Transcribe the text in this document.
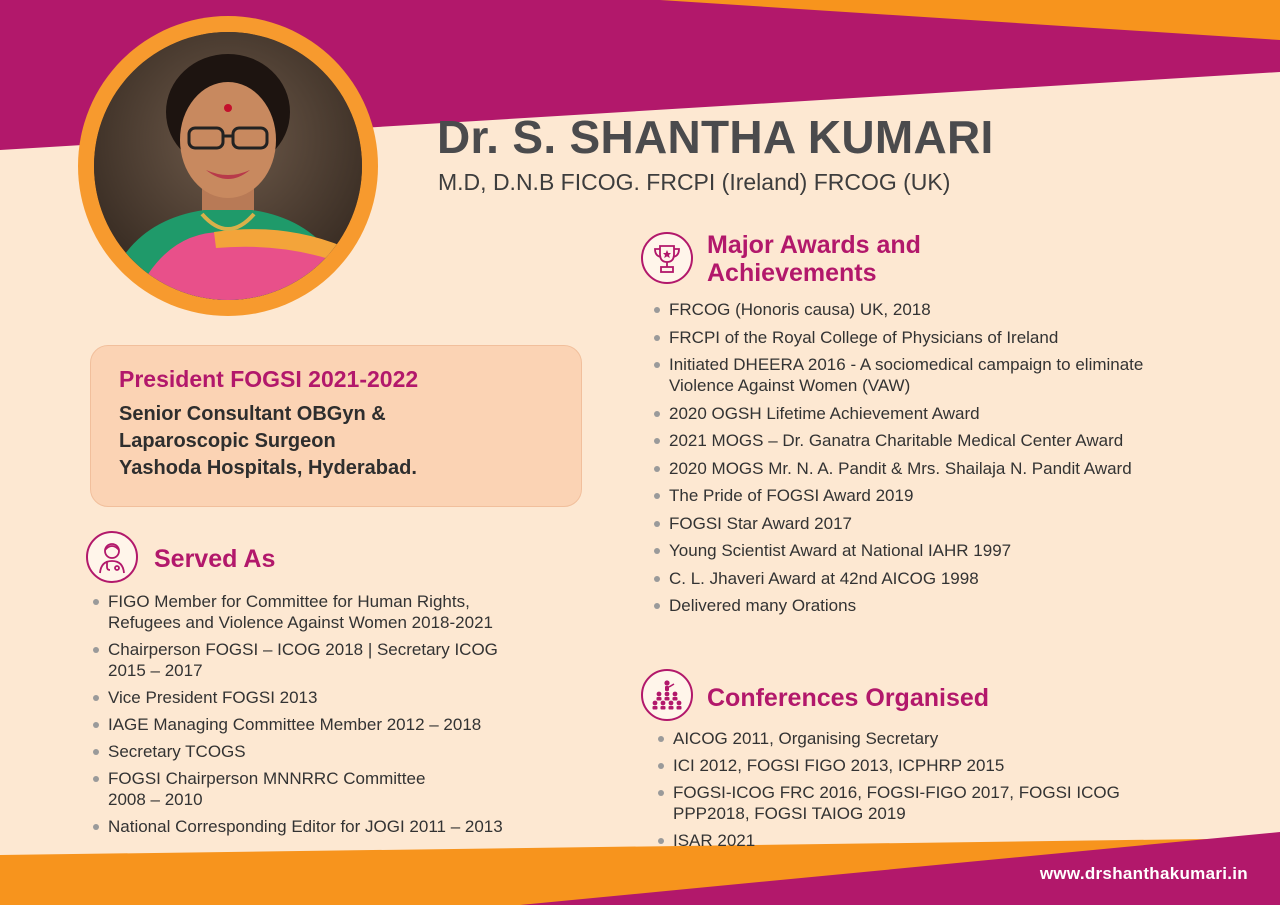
Dr. S. SHANTHA KUMARI

M.D, D.N.B FICOG. FRCPI (Ireland) FRCOG (UK)

President FOGSI 2021-2022

Senior Consultant OBGyn &

Laparoscopic Surgeon

Yashoda Hospitals, Hyderabad.

Served As
FIGO Member for Committee for Human Rights,
Refugees and Violence Against Women 2018-2021
Chairperson FOGSI – ICOG 2018 | Secretary ICOG
2015 – 2017
Vice President FOGSI 2013
IAGE Managing Committee Member 2012 – 2018
Secretary TCOGS
FOGSI Chairperson MNNRRC Committee
2008 – 2010
National Corresponding Editor for JOGI 2011 – 2013
Major Awards and
Achievements
FRCOG (Honoris causa) UK, 2018
FRCPI of the Royal College of Physicians of Ireland
Initiated DHEERA 2016 - A sociomedical campaign to eliminate
Violence Against Women (VAW)
2020 OGSH Lifetime Achievement Award
2021 MOGS – Dr. Ganatra Charitable Medical Center Award
2020 MOGS Mr. N. A. Pandit & Mrs. Shailaja N. Pandit Award
The Pride of FOGSI Award 2019
FOGSI Star Award 2017
Young Scientist Award at National IAHR 1997
C. L. Jhaveri Award at 42nd AICOG 1998
Delivered many Orations
Conferences Organised
AICOG 2011, Organising Secretary
ICI 2012, FOGSI FIGO 2013, ICPHRP 2015
FOGSI-ICOG FRC 2016, FOGSI-FIGO 2017, FOGSI ICOG
PPP2018, FOGSI TAIOG 2019
ISAR 2021

www.drshanthakumari.in
